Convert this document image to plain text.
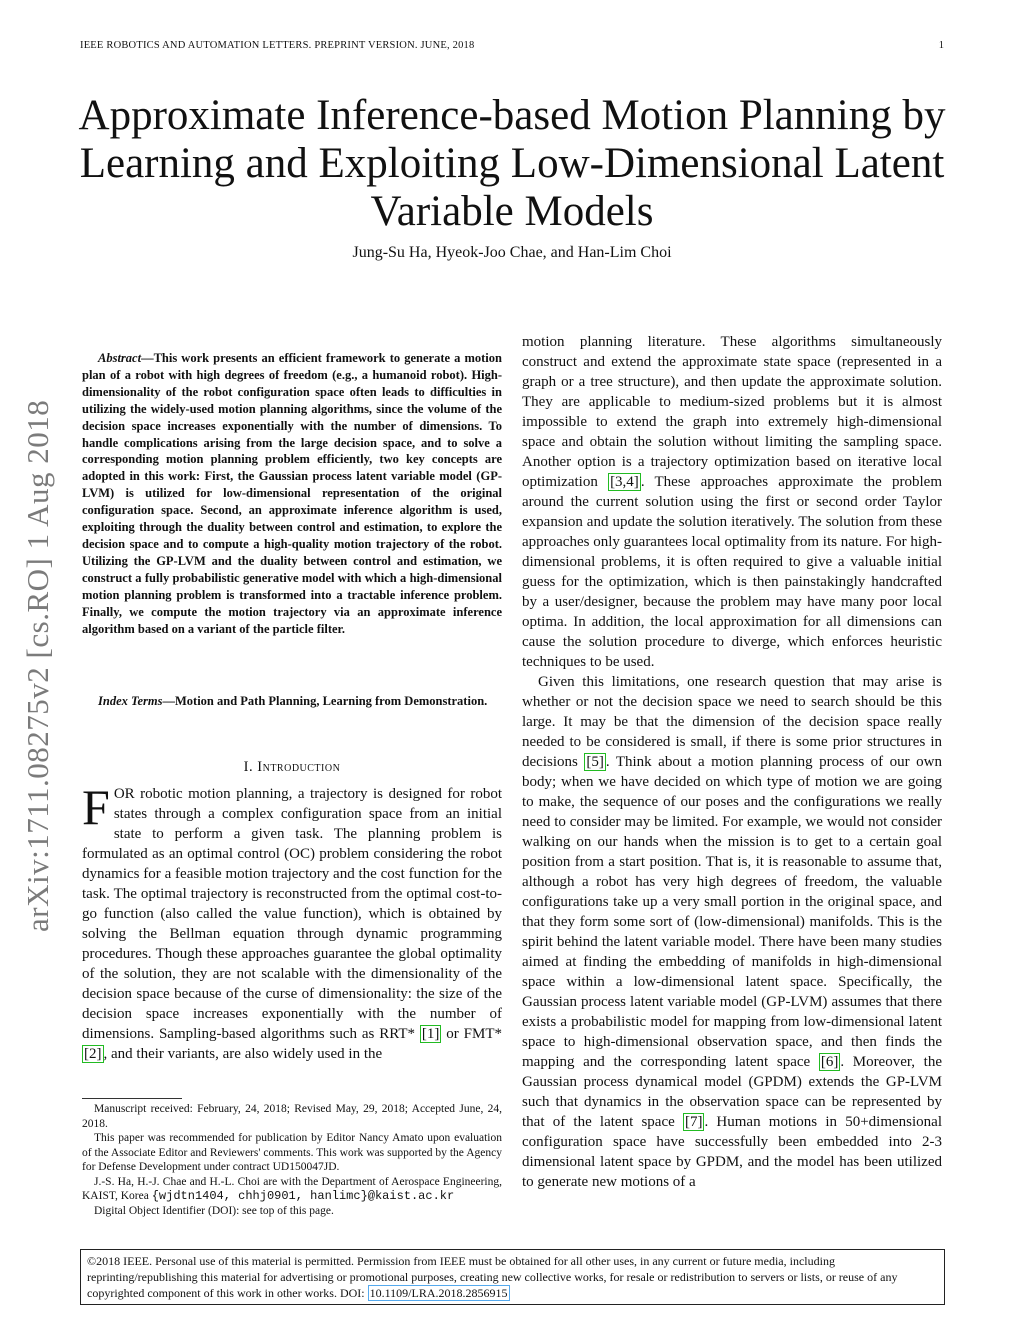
IEEE ROBOTICS AND AUTOMATION LETTERS. PREPRINT VERSION. JUNE, 2018	1
Approximate Inference-based Motion Planning by Learning and Exploiting Low-Dimensional Latent Variable Models
Jung-Su Ha, Hyeok-Joo Chae, and Han-Lim Choi
arXiv:1711.08275v2 [cs.RO] 1 Aug 2018

Abstract—This work presents an efficient framework to generate a motion plan of a robot with high degrees of freedom (e.g., a humanoid robot). High-dimensionality of the robot configuration space often leads to difficulties in utilizing the widely-used motion planning algorithms, since the volume of the decision space increases exponentially with the number of dimensions. To handle complications arising from the large decision space, and to solve a corresponding motion planning problem efficiently, two key concepts are adopted in this work: First, the Gaussian process latent variable model (GP-LVM) is utilized for low-dimensional representation of the original configuration space. Second, an approximate inference algorithm is used, exploiting through the duality between control and estimation, to explore the decision space and to compute a high-quality motion trajectory of the robot. Utilizing the GP-LVM and the duality between control and estimation, we construct a fully probabilistic generative model with which a high-dimensional motion planning problem is transformed into a tractable inference problem. Finally, we compute the motion trajectory via an approximate inference algorithm based on a variant of the particle filter.

Index Terms—Motion and Path Planning, Learning from Demonstration.

I. Introduction

FOR robotic motion planning, a trajectory is designed for robot states through a complex configuration space from an initial state to perform a given task. The planning problem is formulated as an optimal control (OC) problem considering the robot dynamics for a feasible motion trajectory and the cost function for the task. The optimal trajectory is reconstructed from the optimal cost-to-go function (also called the value function), which is obtained by solving the Bellman equation through dynamic programming procedures. Though these approaches guarantee the global optimality of the solution, they are not scalable with the dimensionality of the decision space because of the curse of dimensionality: the size of the decision space increases exponentially with the number of dimensions. Sampling-based algorithms such as RRT* [1] or FMT* [2] , and their variants, are also widely used in the

Manuscript received: February, 24, 2018; Revised May, 29, 2018; Accepted June, 24, 2018.

This paper was recommended for publication by Editor Nancy Amato upon evaluation of the Associate Editor and Reviewers' comments. This work was supported by the Agency for Defense Development under contract UD150047JD.

J.-S. Ha, H.-J. Chae and H.-L. Choi are with the Department of Aerospace Engineering, KAIST, Korea {wjdtn1404, chhj0901, hanlimc}@kaist.ac.kr

Digital Object Identifier (DOI): see top of this page.

motion planning literature. These algorithms simultaneously construct and extend the approximate state space (represented in a graph or a tree structure), and then update the approximate solution. They are applicable to medium-sized problems but it is almost impossible to extend the graph into extremely high-dimensional space and obtain the solution without limiting the sampling space. Another option is a trajectory optimization based on iterative local optimization [3,4] . These approaches approximate the problem around the current solution using the first or second order Taylor expansion and update the solution iteratively. The solution from these approaches only guarantees local optimality from its nature. For high-dimensional problems, it is often required to give a valuable initial guess for the optimization, which is then painstakingly handcrafted by a user/designer, because the problem may have many poor local optima. In addition, the local approximation for all dimensions can cause the solution procedure to diverge, which enforces heuristic techniques to be used.

Given this limitations, one research question that may arise is whether or not the decision space we need to search should be this large. It may be that the dimension of the decision space really needed to be considered is small, if there is some prior structures in decisions [5] . Think about a motion planning process of our own body; when we have decided on which type of motion we are going to make, the sequence of our poses and the configurations we really need to consider may be limited. For example, we would not consider walking on our hands when the mission is to get to a certain goal position from a start position. That is, it is reasonable to assume that, although a robot has very high degrees of freedom, the valuable configurations take up a very small portion in the original space, and that they form some sort of (low-dimensional) manifolds. This is the spirit behind the latent variable model. There have been many studies aimed at finding the embedding of manifolds in high-dimensional space within a low-dimensional latent space. Specifically, the Gaussian process latent variable model (GP-LVM) assumes that there exists a probabilistic model for mapping from low-dimensional latent space to high-dimensional observation space, and then finds the mapping and the corresponding latent space [6] . Moreover, the Gaussian process dynamical model (GPDM) extends the GP-LVM such that dynamics in the observation space can be represented by that of the latent space [7] . Human motions in 50+dimensional configuration space have successfully been embedded into 2-3 dimensional latent space by GPDM, and the model has been utilized to generate new motions of a

©2018 IEEE. Personal use of this material is permitted. Permission from IEEE must be obtained for all other uses, in any current or future media, including reprinting/republishing this material for advertising or promotional purposes, creating new collective works, for resale or redistribution to servers or lists, or reuse of any copyrighted component of this work in other works. DOI: 10.1109/LRA.2018.2856915
